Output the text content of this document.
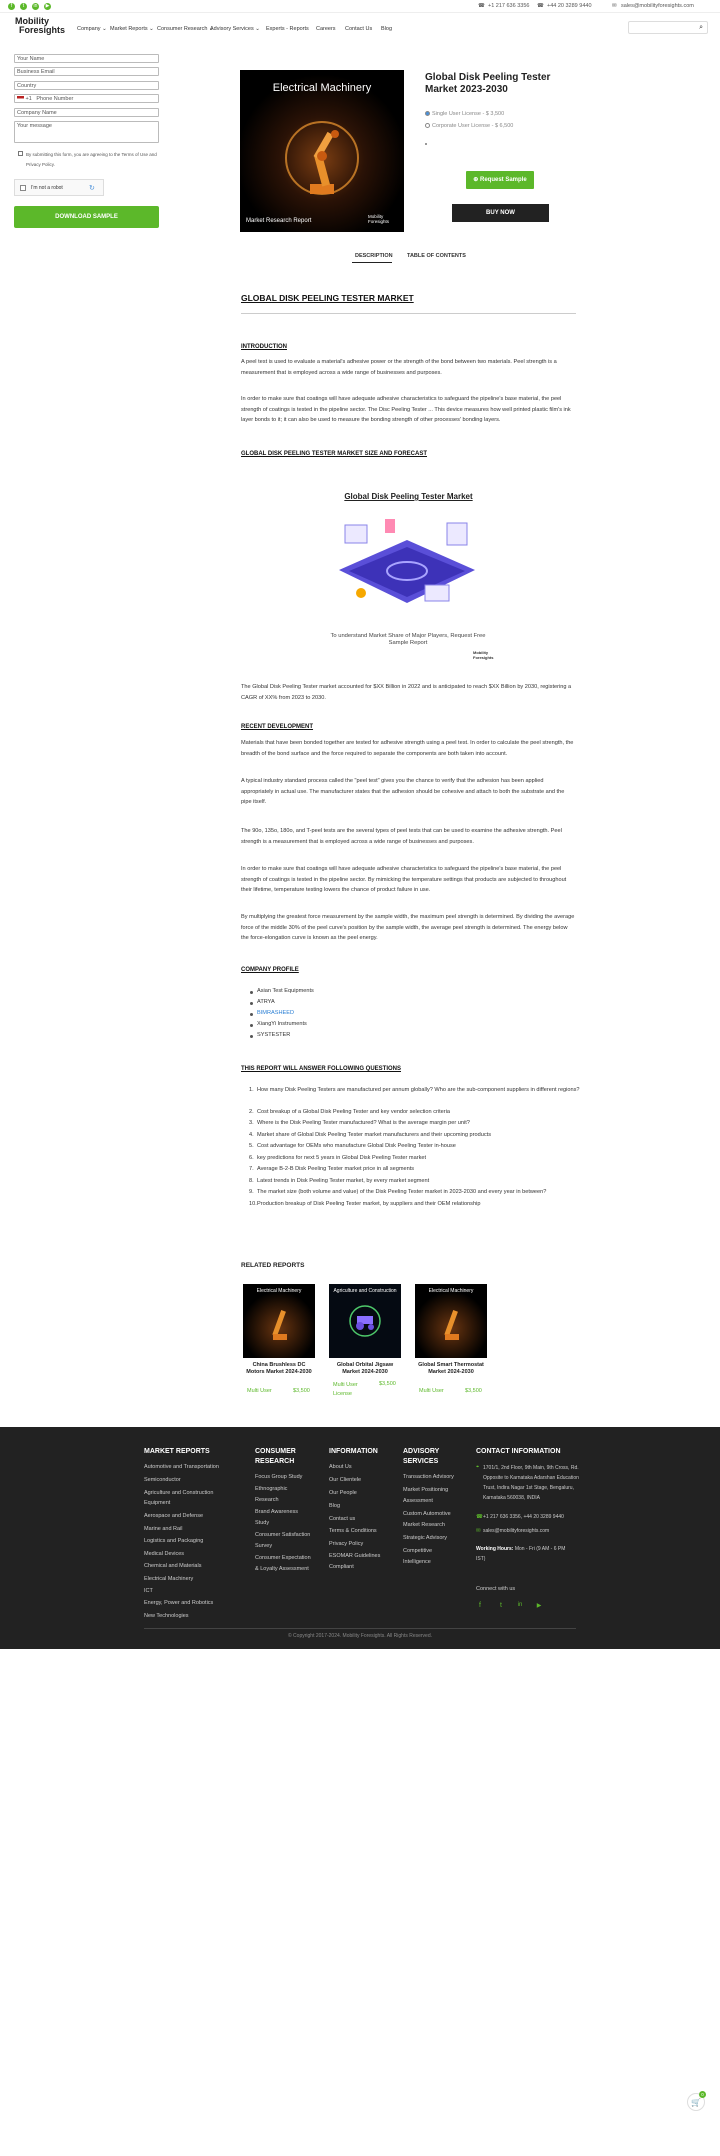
f	t	in	▶	☎ +1 217 636 3356 ☎ +44 20 3289 9440	✉ sales@mobilityforesights.com
Mobility
Foresights Company ⌄ Market Reports ⌄ Consumer Research ⌄
Advisory Services ⌄ Experts - Reports Careers Contact Us Blog	⌕
Your Name
Business Email
Country
+1 Phone Number
Company Name
Your message
By submitting this form, you are agreeing to the Terms of Use and Privacy Policy.
I'm not a robot	↻
DOWNLOAD SAMPLE
Electrical Machinery
Market Research Report
Mobility
Foresights
Global Disk Peeling Tester Market 2023-2030
Single User License - $ 3,500
Corporate User License - $ 6,500
⊕ Request Sample
BUY NOW
DESCRIPTION	TABLE OF CONTENTS
GLOBAL DISK PEELING TESTER MARKET
INTRODUCTION
A peel test is used to evaluate a material's adhesive power or the strength of the bond between two materials. Peel strength is a measurement that is employed across a wide range of businesses and purposes.
In order to make sure that coatings will have adequate adhesive characteristics to safeguard the pipeline's base material, the peel strength of coatings is tested in the pipeline sector. The Disc Peeling Tester ... This device measures how well printed plastic film's ink layer bonds to it; it can also be used to measure the bonding strength of other processes' bonding layers.
GLOBAL DISK PEELING TESTER MARKET SIZE AND FORECAST
Global Disk Peeling Tester Market
To understand Market Share of Major Players, Request Free Sample Report
Mobility
Foresights
The Global Disk Peeling Tester market accounted for $XX Billion in 2022 and is anticipated to reach $XX Billion by 2030, registering a CAGR of XX% from 2023 to 2030.
RECENT DEVELOPMENT
Materials that have been bonded together are tested for adhesive strength using a peel test. In order to calculate the peel strength, the breadth of the bond surface and the force required to separate the components are both taken into account.
A typical industry standard process called the "peel test" gives you the chance to verify that the adhesion has been applied appropriately in actual use. The manufacturer states that the adhesion should be cohesive and attach to both the substrate and the pipe itself.
The 90o, 135o, 180o, and T-peel tests are the several types of peel tests that can be used to examine the adhesive strength. Peel strength is a measurement that is employed across a wide range of businesses and purposes.
In order to make sure that coatings will have adequate adhesive characteristics to safeguard the pipeline's base material, the peel strength of coatings is tested in the pipeline sector. By mimicking the temperature settings that products are subjected to throughout their lifetime, temperature testing lowers the chance of product failure in use.
By multiplying the greatest force measurement by the sample width, the maximum peel strength is determined. By dividing the average force of the middle 30% of the peel curve's position by the sample width, the average peel strength is determined. The energy below the force-elongation curve is known as the peel energy.
COMPANY PROFILE
Asian Test Equipments
ATRYA
BIMRASHEED
XiangYi Instruments
SYSTESTER
THIS REPORT WILL ANSWER FOLLOWING QUESTIONS
1. How many Disk Peeling Testers are manufactured per annum globally? Who are the sub-component suppliers in different regions?
2. Cost breakup of a Global Disk Peeling Tester and key vendor selection criteria
3. Where is the Disk Peeling Tester manufactured? What is the average margin per unit?
4. Market share of Global Disk Peeling Tester market manufacturers and their upcoming products
5. Cost advantage for OEMs who manufacture Global Disk Peeling Tester in-house
6. key predictions for next 5 years in Global Disk Peeling Tester market
7. Average B-2-B Disk Peeling Tester market price in all segments
8. Latest trends in Disk Peeling Tester market, by every market segment
9. The market size (both volume and value) of the Disk Peeling Tester market in 2023-2030 and every year in between?
10. Production breakup of Disk Peeling Tester market, by suppliers and their OEM relationship
RELATED REPORTS
Electrical Machinery
China Brushless DC Motors Market 2024-2030
Multi User	$3,500
Agriculture and Construction
Global Orbital Jigsaw Market 2024-2030
Multi User License
$3,500
Electrical Machinery
Global Smart Thermostat Market 2024-2030
Multi User	$3,500
MARKET REPORTS
Automotive and Transportation
Semiconductor
Agriculture and Construction
Equipment
Aerospace and Defense
Marine and Rail
Logistics and Packaging
Medical Devices
Chemical and Materials
Electrical Machinery
ICT
Energy, Power and Robotics
New Technologies
CONSUMER RESEARCH
Focus Group Study
Ethnographic
Research
Brand Awareness
Study
Consumer Satisfaction
Survey
Consumer Expectation
& Loyalty Assessment
INFORMATION
About Us
Our Clientele
Our People
Blog
Contact us
Terms & Conditions
Privacy Policy
ESOMAR Guidelines
Compliant
ADVISORY SERVICES
Transaction Advisory
Market Positioning
Assessment
Custom Automotive
Market Research
Strategic Advisory
Competitive
Intelligence
CONTACT INFORMATION
⌖ 1701/1, 2nd Floor, 9th Main, 9th Cross, Rd. Opposite to Karnataka Adarshan Education Trust, Indira Nagar 1st Stage, Bengaluru, Karnataka 560038, INDIA
☎ +1 217 636 3356, +44 20 3289 9440
✉ sales@mobilityforesights.com
Working Hours: Mon - Fri (9 AM - 6 PM IST)
Connect with us
f	t	in ▶
© Copyright 2017-2024. Mobility Foresights. All Rights Reserved.
🛒
0
